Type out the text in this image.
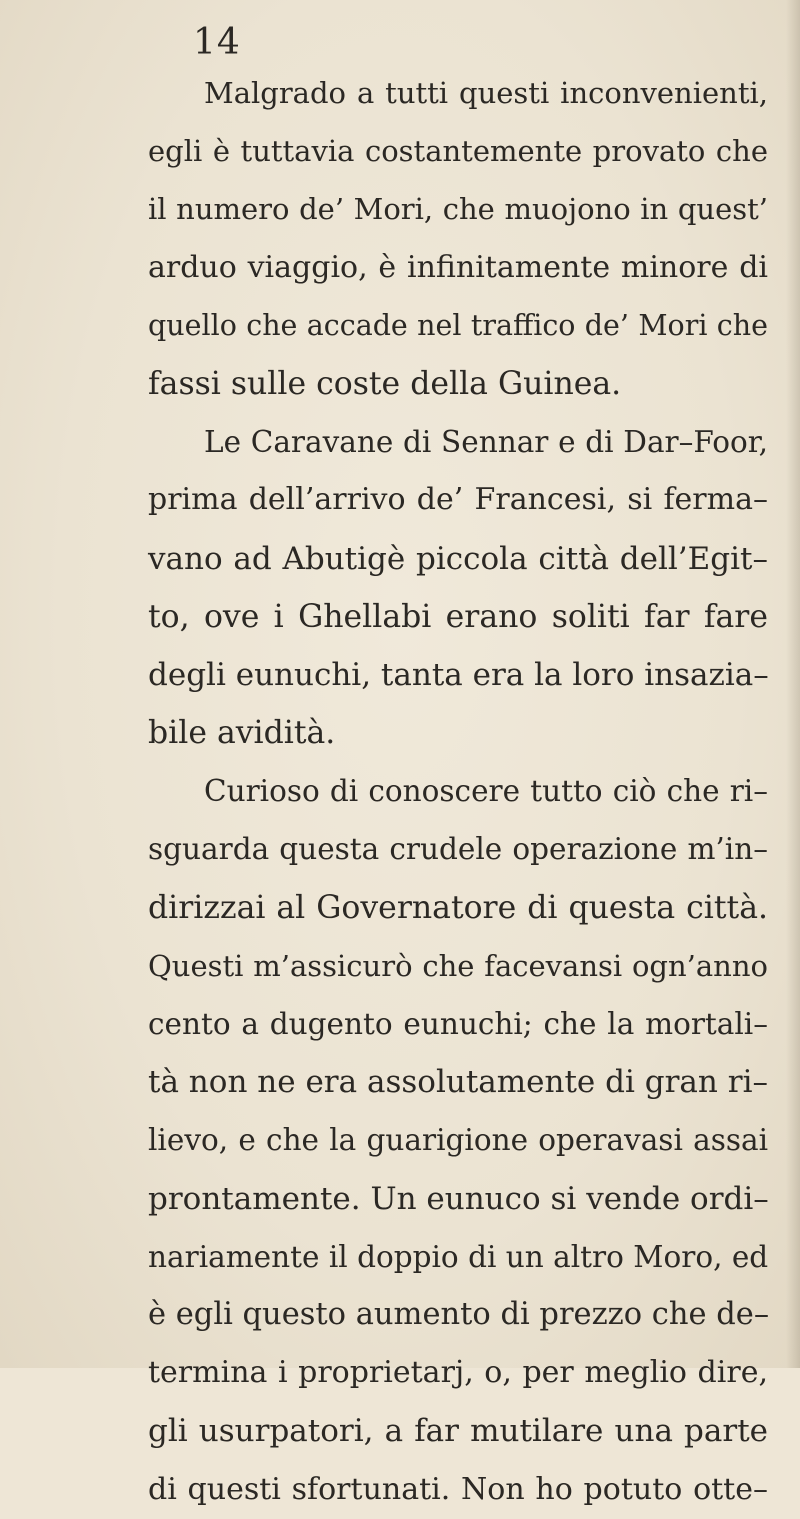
14
Malgrado a tutti questi inconvenienti,
egli è tuttavia costantemente provato che
il numero de’ Mori, che muojono in quest’
arduo viaggio, è infinitamente minore di
quello che accade nel traffico de’ Mori che
fassi sulle coste della Guinea.
Le Caravane di Sennar e di Dar–Foor,
prima dell’arrivo de’ Francesi, si ferma–
vano ad Abutigè piccola città dell’Egit–
to, ove i Ghellabi erano soliti far fare
degli eunuchi, tanta era la loro insazia–
bile avidità.
Curioso di conoscere tutto ciò che ri–
sguarda questa crudele operazione m’in–
dirizzai al Governatore di questa città.
Questi m’assicurò che facevansi ogn’anno
cento a dugento eunuchi; che la mortali–
tà non ne era assolutamente di gran ri–
lievo, e che la guarigione operavasi assai
prontamente. Un eunuco si vende ordi–
nariamente il doppio di un altro Moro, ed
è egli questo aumento di prezzo che de–
termina i proprietarj, o, per meglio dire,
gli usurpatori, a far mutilare una parte
di questi sfortunati. Non ho potuto otte–
